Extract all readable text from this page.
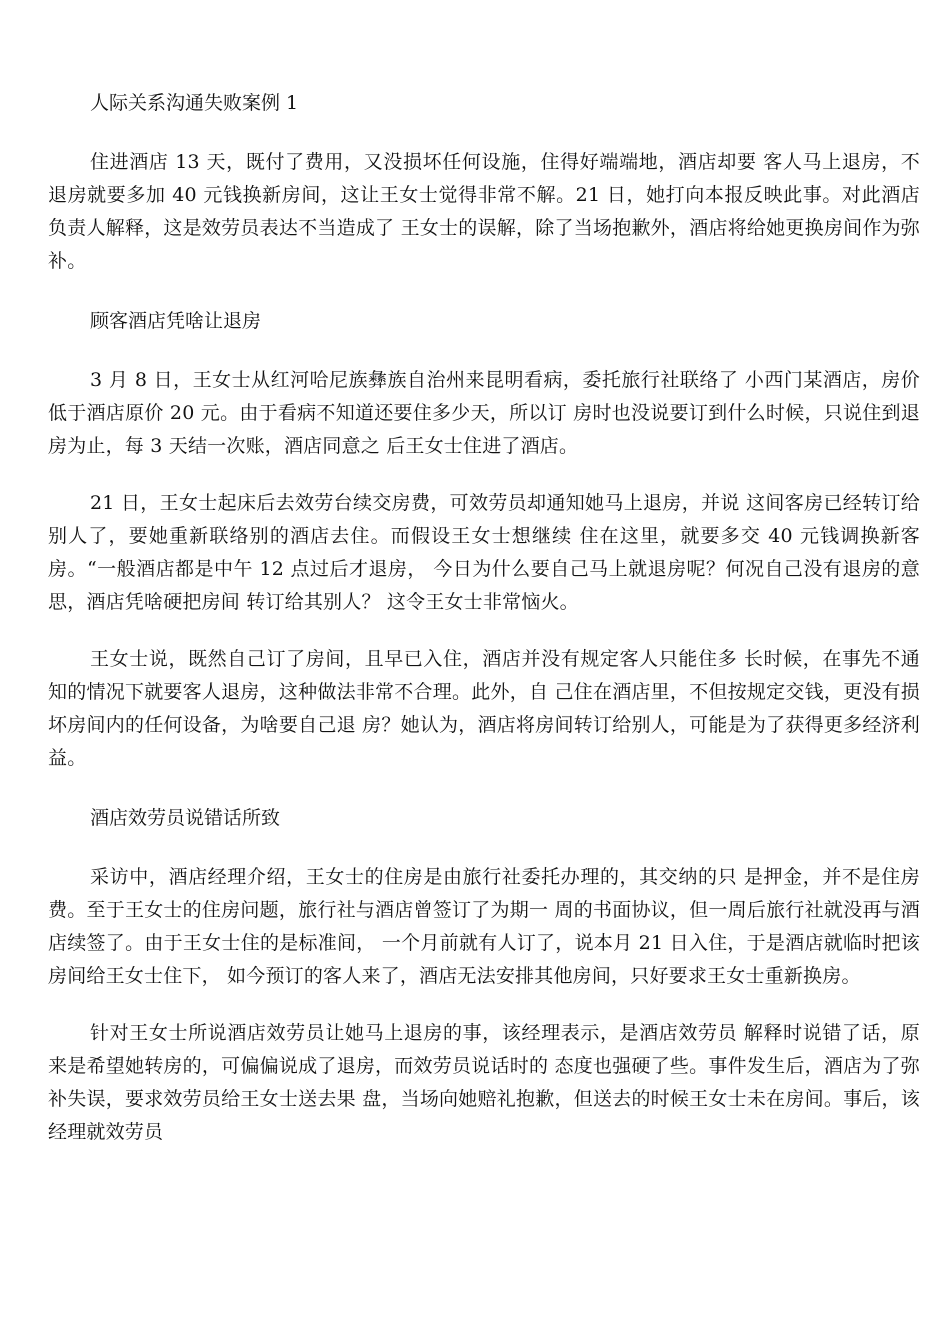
人际关系沟通失败案例 1

住进酒店 13 天，既付了费用，又没损坏任何设施，住得好端端地，酒店却要 客人马上退房，不退房就要多加 40 元钱换新房间，这让王女士觉得非常不解。21 日，她打向本报反映此事。对此酒店负责人解释，这是效劳员表达不当造成了 王女士的误解，除了当场抱歉外，酒店将给她更换房间作为弥补。

顾客酒店凭啥让退房

3 月 8 日，王女士从红河哈尼族彝族自治州来昆明看病，委托旅行社联络了 小西门某酒店，房价低于酒店原价 20 元。由于看病不知道还要住多少天，所以订 房时也没说要订到什么时候，只说住到退房为止，每 3 天结一次账，酒店同意之 后王女士住进了酒店。

21 日，王女士起床后去效劳台续交房费，可效劳员却通知她马上退房，并说 这间客房已经转订给别人了，要她重新联络别的酒店去住。而假设王女士想继续 住在这里，就要多交 40 元钱调换新客房。“一般酒店都是中午 12 点过后才退房， 今日为什么要自己马上就退房呢？何况自己没有退房的意思，酒店凭啥硬把房间 转订给其别人？ 这令王女士非常恼火。

王女士说，既然自己订了房间，且早已入住，酒店并没有规定客人只能住多 长时候，在事先不通知的情况下就要客人退房，这种做法非常不合理。此外，自 己住在酒店里，不但按规定交钱，更没有损坏房间内的任何设备，为啥要自己退 房？她认为，酒店将房间转订给别人，可能是为了获得更多经济利益。

酒店效劳员说错话所致

采访中，酒店经理介绍，王女士的住房是由旅行社委托办理的，其交纳的只 是押金，并不是住房费。至于王女士的住房问题，旅行社与酒店曾签订了为期一 周的书面协议，但一周后旅行社就没再与酒店续签了。由于王女士住的是标准间， 一个月前就有人订了，说本月 21 日入住，于是酒店就临时把该房间给王女士住下， 如今预订的客人来了，酒店无法安排其他房间，只好要求王女士重新换房。

针对王女士所说酒店效劳员让她马上退房的事，该经理表示，是酒店效劳员 解释时说错了话，原来是希望她转房的，可偏偏说成了退房，而效劳员说话时的 态度也强硬了些。事件发生后，酒店为了弥补失误，要求效劳员给王女士送去果 盘，当场向她赔礼抱歉，但送去的时候王女士未在房间。事后，该经理就效劳员
